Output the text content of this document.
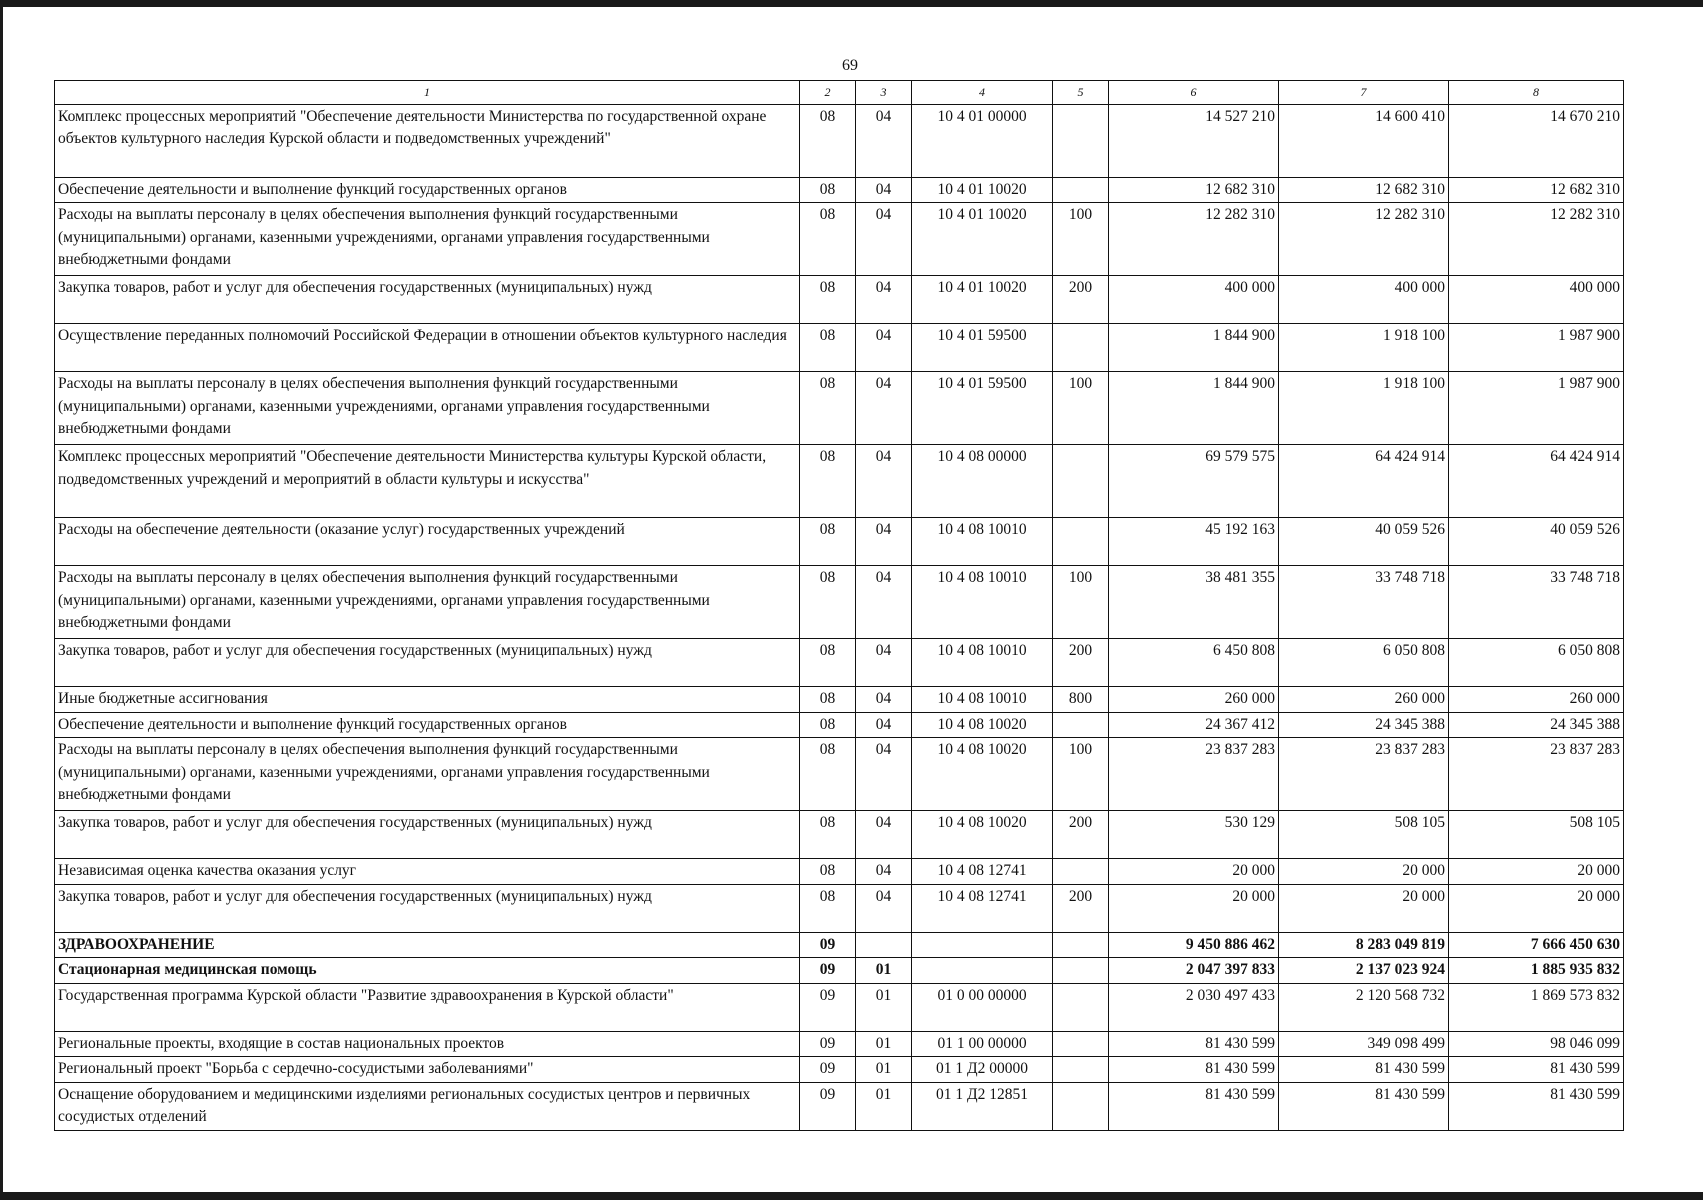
69
1	2	3	4	5	6	7	8
Комплекс процессных мероприятий "Обеспечение деятельности Министерства по государственной охране объектов культурного наследия Курской области и подведомственных учреждений"	08	04	10 4 01 00000		14 527 210	14 600 410	14 670 210
Обеспечение деятельности и выполнение функций государственных органов	08	04	10 4 01 10020		12 682 310	12 682 310	12 682 310
Расходы на выплаты персоналу в целях обеспечения выполнения функций государственными (муниципальными) органами, казенными учреждениями, органами управления государственными внебюджетными фондами	08	04	10 4 01 10020	100	12 282 310	12 282 310	12 282 310
Закупка товаров, работ и услуг для обеспечения государственных (муниципальных) нужд	08	04	10 4 01 10020	200	400 000	400 000	400 000
Осуществление переданных полномочий Российской Федерации в отношении объектов культурного наследия	08	04	10 4 01 59500		1 844 900	1 918 100	1 987 900
Расходы на выплаты персоналу в целях обеспечения выполнения функций государственными (муниципальными) органами, казенными учреждениями, органами управления государственными внебюджетными фондами	08	04	10 4 01 59500	100	1 844 900	1 918 100	1 987 900
Комплекс процессных мероприятий "Обеспечение деятельности Министерства культуры Курской области, подведомственных учреждений и мероприятий в области культуры и искусства"	08	04	10 4 08 00000		69 579 575	64 424 914	64 424 914
Расходы на обеспечение деятельности (оказание услуг) государственных учреждений	08	04	10 4 08 10010		45 192 163	40 059 526	40 059 526
Расходы на выплаты персоналу в целях обеспечения выполнения функций государственными (муниципальными) органами, казенными учреждениями, органами управления государственными внебюджетными фондами	08	04	10 4 08 10010	100	38 481 355	33 748 718	33 748 718
Закупка товаров, работ и услуг для обеспечения государственных (муниципальных) нужд	08	04	10 4 08 10010	200	6 450 808	6 050 808	6 050 808
Иные бюджетные ассигнования	08	04	10 4 08 10010	800	260 000	260 000	260 000
Обеспечение деятельности и выполнение функций государственных органов	08	04	10 4 08 10020		24 367 412	24 345 388	24 345 388
Расходы на выплаты персоналу в целях обеспечения выполнения функций государственными (муниципальными) органами, казенными учреждениями, органами управления государственными внебюджетными фондами	08	04	10 4 08 10020	100	23 837 283	23 837 283	23 837 283
Закупка товаров, работ и услуг для обеспечения государственных (муниципальных) нужд	08	04	10 4 08 10020	200	530 129	508 105	508 105
Независимая оценка качества оказания услуг	08	04	10 4 08 12741		20 000	20 000	20 000
Закупка товаров, работ и услуг для обеспечения государственных (муниципальных) нужд	08	04	10 4 08 12741	200	20 000	20 000	20 000
ЗДРАВООХРАНЕНИЕ	09				9 450 886 462	8 283 049 819	7 666 450 630
Стационарная медицинская помощь	09	01			2 047 397 833	2 137 023 924	1 885 935 832
Государственная программа Курской области "Развитие здравоохранения в Курской области"	09	01	01 0 00 00000		2 030 497 433	2 120 568 732	1 869 573 832
Региональные проекты, входящие в состав национальных проектов	09	01	01 1 00 00000		81 430 599	349 098 499	98 046 099
Региональный проект "Борьба с сердечно-сосудистыми заболеваниями"	09	01	01 1 Д2 00000		81 430 599	81 430 599	81 430 599
Оснащение оборудованием и медицинскими изделиями региональных сосудистых центров и первичных сосудистых отделений	09	01	01 1 Д2 12851		81 430 599	81 430 599	81 430 599
